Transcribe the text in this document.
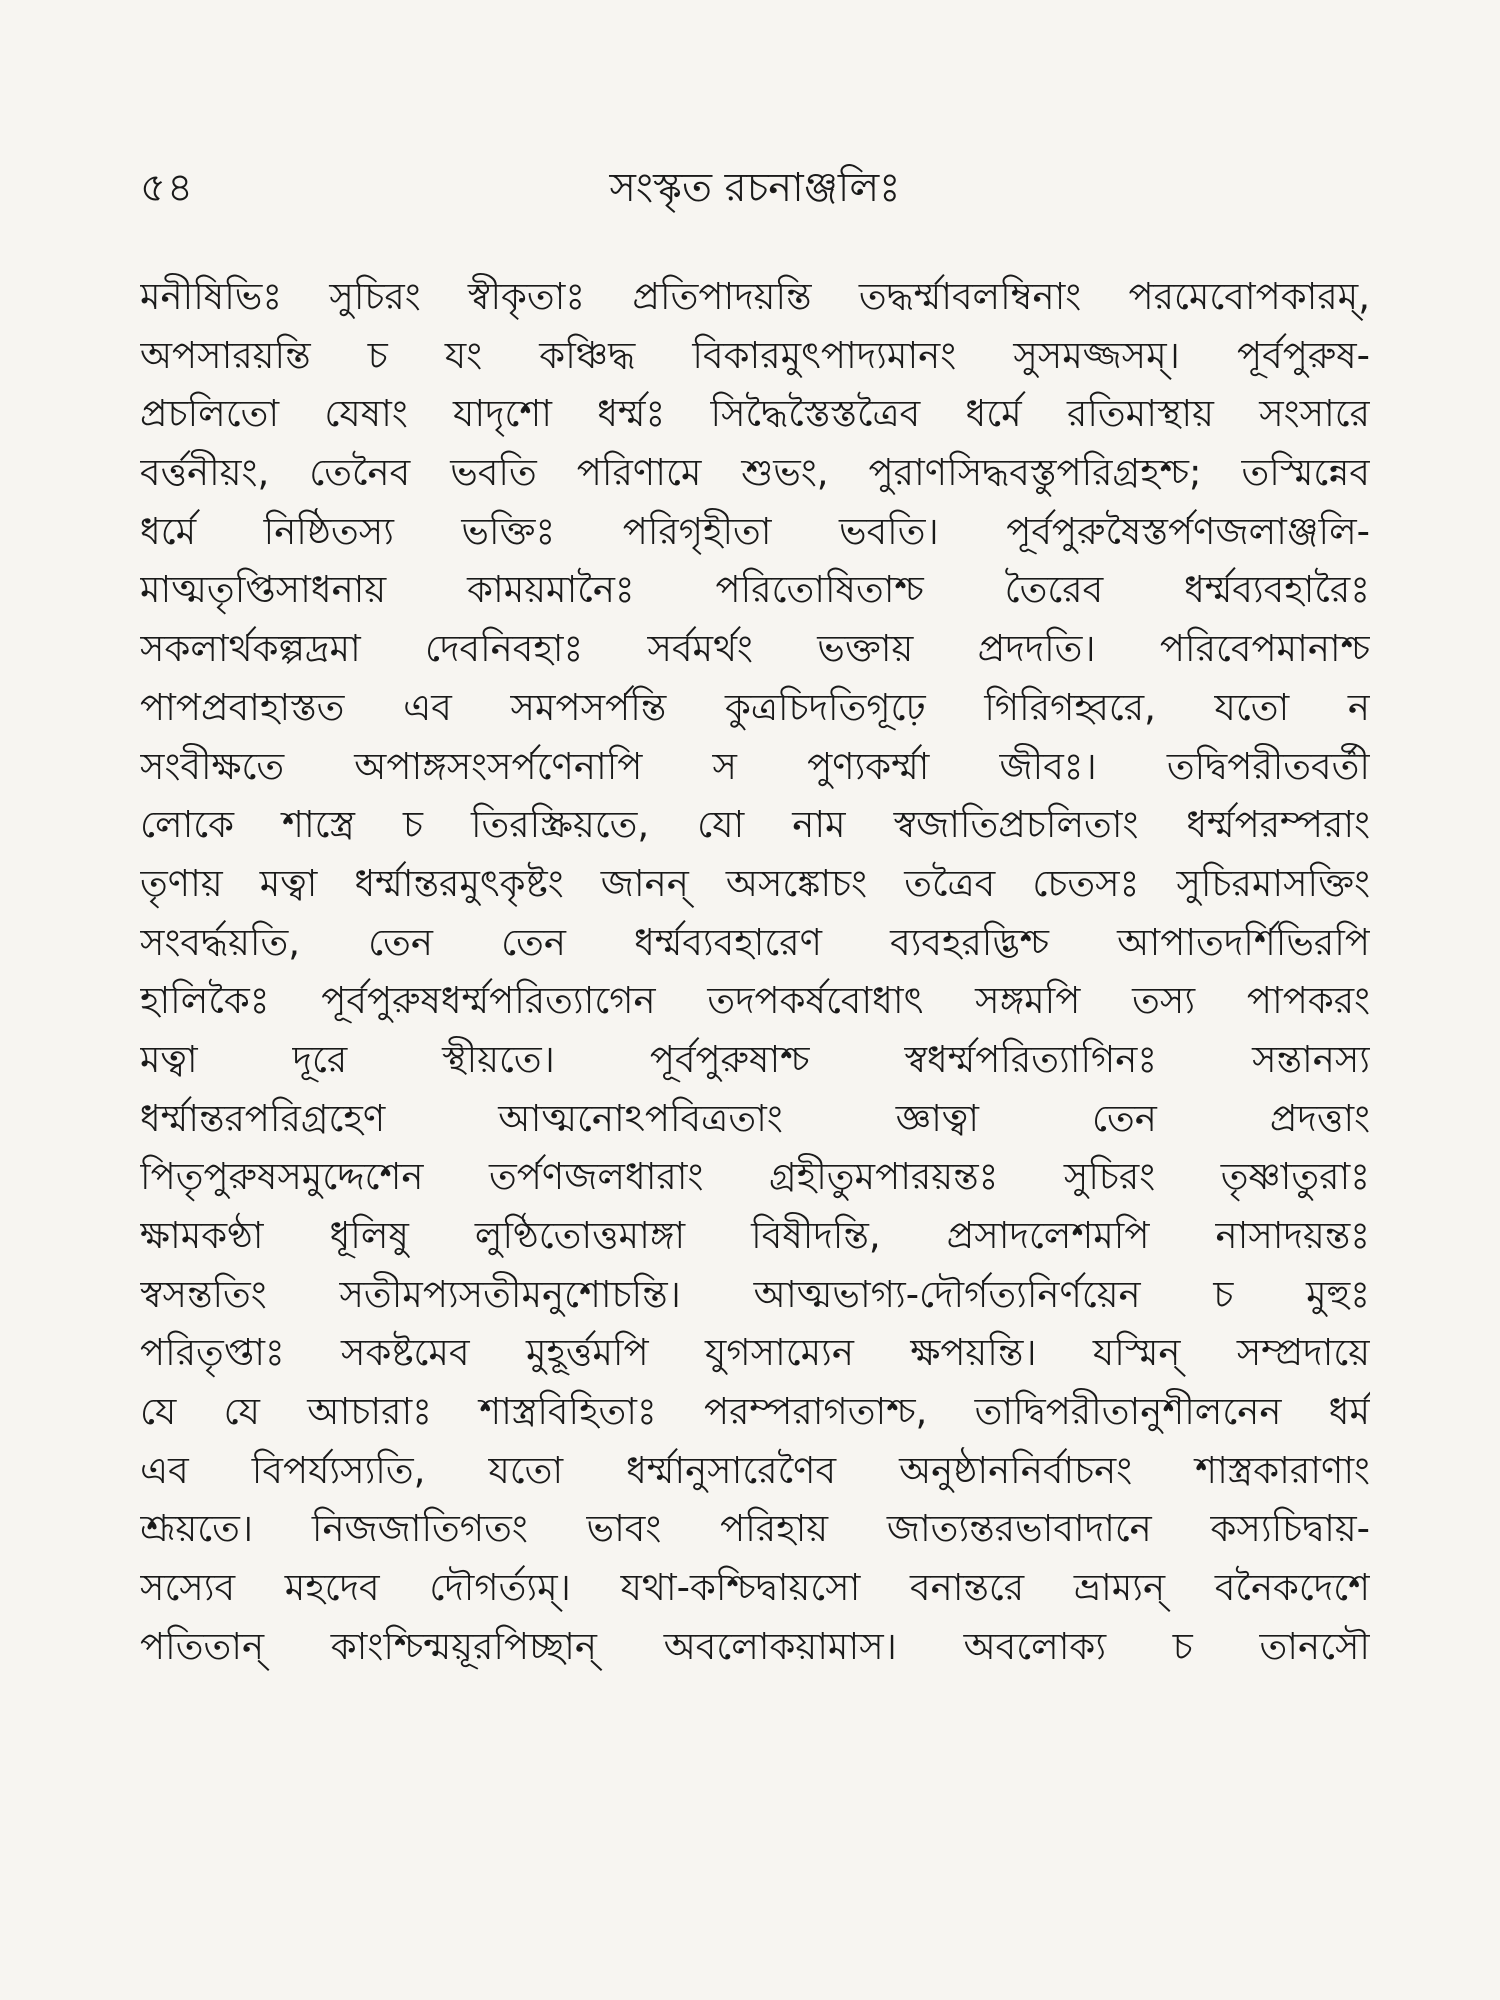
৫৪	সংস্কৃত রচনাঞ্জলিঃ
মনীষিভিঃ সুচিরং স্বীকৃতাঃ প্রতিপাদয়ন্তি তদ্ধর্ম্মাবলম্বিনাং পরমেবোপকারম্,
অপসারয়ন্তি চ যং কঞ্চিদ্ধ বিকারমুৎপাদ্যমানং সুসমজ্জসম্। পূর্বপুরুষ-
প্রচলিতো যেষাং যাদৃশো ধর্ম্মঃ সিদ্ধৈস্তৈস্তত্রৈব ধর্মে রতিমাস্থায় সংসারে
বর্ত্তনীয়ং, তেনৈব ভবতি পরিণামে শুভং, পুরাণসিদ্ধবস্তুপরিগ্রহশ্চ; তস্মিন্নেব
ধর্মে নিষ্ঠিতস্য ভক্তিঃ পরিগৃহীতা ভবতি। পূর্বপুরুষৈস্তর্পণজলাঞ্জলি-
মাত্মতৃপ্তিসাধনায় কাময়মানৈঃ পরিতোষিতাশ্চ তৈরেব ধর্ম্মব্যবহারৈঃ
সকলার্থকল্পদ্রমা দেবনিবহাঃ সর্বমর্থং ভক্তায় প্রদদতি। পরিবেপমানাশ্চ
পাপপ্রবাহাস্তত এব সমপসর্পন্তি কুত্রচিদতিগূঢ়ে গিরিগহ্বরে, যতো ন
সংবীক্ষতে অপাঙ্গসংসর্পণেনাপি স পুণ্যকর্ম্মা জীবঃ। তদ্বিপরীতবর্তী
লোকে শাস্ত্রে চ তিরস্ক্রিয়তে, যো নাম স্বজাতিপ্রচলিতাং ধর্ম্মপরম্পরাং
তৃণায় মত্বা ধর্ম্মান্তরমুৎকৃষ্টং জানন্ অসঙ্কোচং তত্রৈব চেতসঃ সুচিরমাসক্তিং
সংবর্দ্ধয়তি, তেন তেন ধর্ম্মব্যবহারেণ ব্যবহরদ্ভিশ্চ আপাতদর্শিভিরপি
হালিকৈঃ পূর্বপুরুষধর্ম্মপরিত্যাগেন তদপকর্ষবোধাৎ সঙ্গমপি তস্য পাপকরং
মত্বা দূরে স্থীয়তে। পূর্বপুরুষাশ্চ স্বধর্ম্মপরিত্যাগিনঃ সন্তানস্য
ধর্ম্মান্তরপরিগ্রহেণ আত্মনোঽপবিত্রতাং জ্ঞাত্বা তেন প্রদত্তাং
পিতৃপুরুষসমুদ্দেশেন তর্পণজলধারাং গ্রহীতুমপারয়ন্তঃ সুচিরং তৃষ্ণাতুরাঃ
ক্ষামকণ্ঠা ধূলিষু লুণ্ঠিতোত্তমাঙ্গা বিষীদন্তি, প্রসাদলেশমপি নাসাদয়ন্তঃ
স্বসন্ততিং সতীমপ্যসতীমনুশোচন্তি। আত্মভাগ্য-দৌর্গত্যনির্ণয়েন চ মুহুঃ
পরিতৃপ্তাঃ সকষ্টমেব মুহূর্ত্তমপি যুগসাম্যেন ক্ষপয়ন্তি। যস্মিন্ সম্প্রদায়ে
যে যে আচারাঃ শাস্ত্রবিহিতাঃ পরম্পরাগতাশ্চ, তাদ্বিপরীতানুশীলনেন ধর্ম
এব বিপর্য্যস্যতি, যতো ধর্ম্মানুসারেণৈব অনুষ্ঠাননির্বাচনং শাস্ত্রকারাণাং
শ্রূয়তে। নিজজাতিগতং ভাবং পরিহায় জাত্যন্তরভাবাদানে কস্যচিদ্বায়-
সস্যেব মহদেব দৌগর্ত্যম্। যথা-কশ্চিদ্বায়সো বনান্তরে ভ্রাম্যন্ বনৈকদেশে
পতিতান্ কাংশ্চিন্ময়ূরপিচ্ছান্ অবলোকয়ামাস। অবলোক্য চ তানসৌ
